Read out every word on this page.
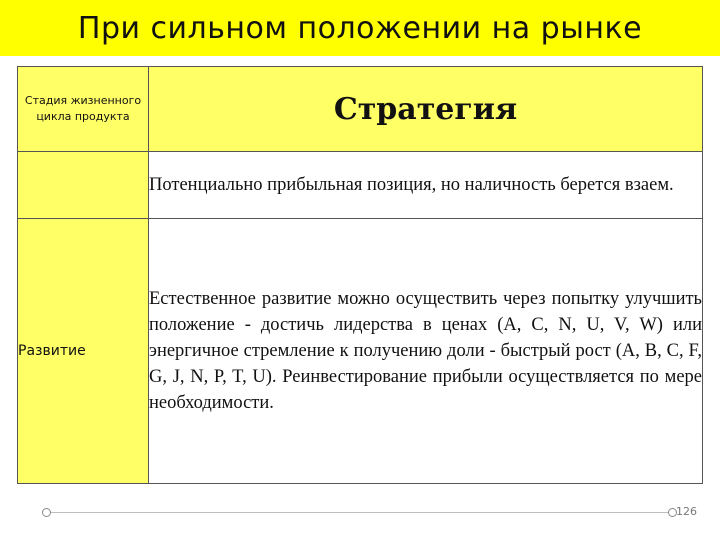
При сильном положении на рынке
Стадия жизненного цикла продукта	Стратегия
	Потенциально прибыльная позиция, но наличность берется взаем.
Развитие	Естественное развитие можно осуществить через попытку улучшить положение - достичь лидерства в ценах (A, C, N, U, V, W) или энергичное стремление к получению доли - быстрый рост (A, B, C, F, G, J, N, P, T, U). Реинвестирование прибыли осуществляется по мере необходимости.
126
